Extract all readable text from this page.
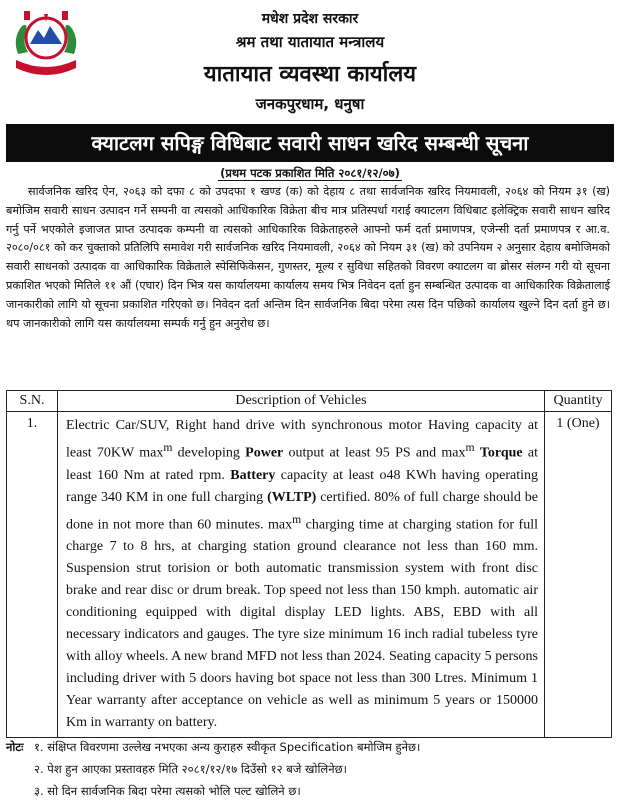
मधेश प्रदेश सरकार
श्रम तथा यातायात मन्त्रालय
यातायात व्यवस्था कार्यालय
जनकपुरधाम, धनुषा
क्याटलग सपिङ्ग विधिबाट सवारी साधन खरिद सम्बन्धी सूचना
(प्रथम पटक प्रकाशित मिति २०८१/१२/०७)

सार्वजनिक खरिद ऐन, २०६३ को दफा ८ को उपदफा १ खण्ड (क) को देहाय ८ तथा सार्वजनिक खरिद नियमावली, २०६४ को नियम ३१ (ख) बमोजिम सवारी साधन उत्पादन गर्ने सम्पनी वा त्यसको आधिकारिक विक्रेता बीच मात्र प्रतिस्पर्धा गराई क्याटलग विधिबाट इलेक्ट्रिक सवारी साधन खरिद गर्नु पर्ने भएकोले इजाजत प्राप्त उत्पादक कम्पनी वा त्यसको आधिकारिक विक्रेताहरुले आफ्नो फर्म दर्ता प्रमाणपत्र, एजेन्सी दर्ता प्रमाणपत्र र आ.व. २०८०/०८१ को कर चुक्ताको प्रतिलिपि समावेश गरी सार्वजनिक खरिद नियमावली, २०६४ को नियम ३१ (ख) को उपनियम २ अनुसार देहाय बमोजिमको सवारी साधनको उत्पादक वा आधिकारिक विक्रेताले स्पेसिफिकेसन, गुणस्तर, मूल्य र सुविधा सहितको विवरण क्याटलग वा ब्रोसर संलग्न गरी यो सूचना प्रकाशित भएको मितिले ११ औं (एघार) दिन भित्र यस कार्यालयमा कार्यालय समय भित्र निवेदन दर्ता हुन सम्बन्धित उत्पादक वा आधिकारिक विक्रेतालाई जानकारीको लागि यो सूचना प्रकाशित गरिएको छ। निवेदन दर्ता अन्तिम दिन सार्वजनिक बिदा परेमा त्यस दिन पछिको कार्यालय खुल्ने दिन दर्ता हुने छ। थप जानकारीको लागि यस कार्यालयमा सम्पर्क गर्नु हुन अनुरोध छ।

S.N.	Description of Vehicles	Quantity
1.	Electric Car/SUV, Right hand drive with synchronous motor Having capacity at least 70KW $\max^m$ developing Power output at least 95 PS and $\max^m$ Torque at least 160 Nm at rated rpm. Battery capacity at least o48 KWh having operating range 340 KM in one full charging (WLTP) certified. 80% of full charge should be done in not more than 60 minutes. $\max^m$ charging time at charging station for full charge 7 to 8 hrs, at charging station ground clearance not less than 160 mm. Suspension strut torision or both automatic transmission system with front disc brake and rear disc or drum break. Top speed not less than 150 kmph. automatic air conditioning equipped with digital display LED lights. ABS, EBD with all necessary indicators and gauges. The tyre size minimum 16 inch radial tubeless tyre with alloy wheels. A new brand MFD not less than 2024. Seating capacity 5 persons including driver with 5 doors having bot space not less than 300 Ltres. Minimum 1 Year warranty after acceptance on vehicle as well as minimum 5 years or 150000 Km in warranty on battery.	1 (One)
नोटः १. संक्षिप्त विवरणमा उल्लेख नभएका अन्य कुराहरु स्वीकृत Specification बमोजिम हुनेछ।
२. पेश हुन आएका प्रस्तावहरु मिति २०८१/१२/१७ दिउँसो १२ बजे खोलिनेछ।
३. सो दिन सार्वजनिक बिदा परेमा त्यसको भोलि पल्ट खोलिने छ।
